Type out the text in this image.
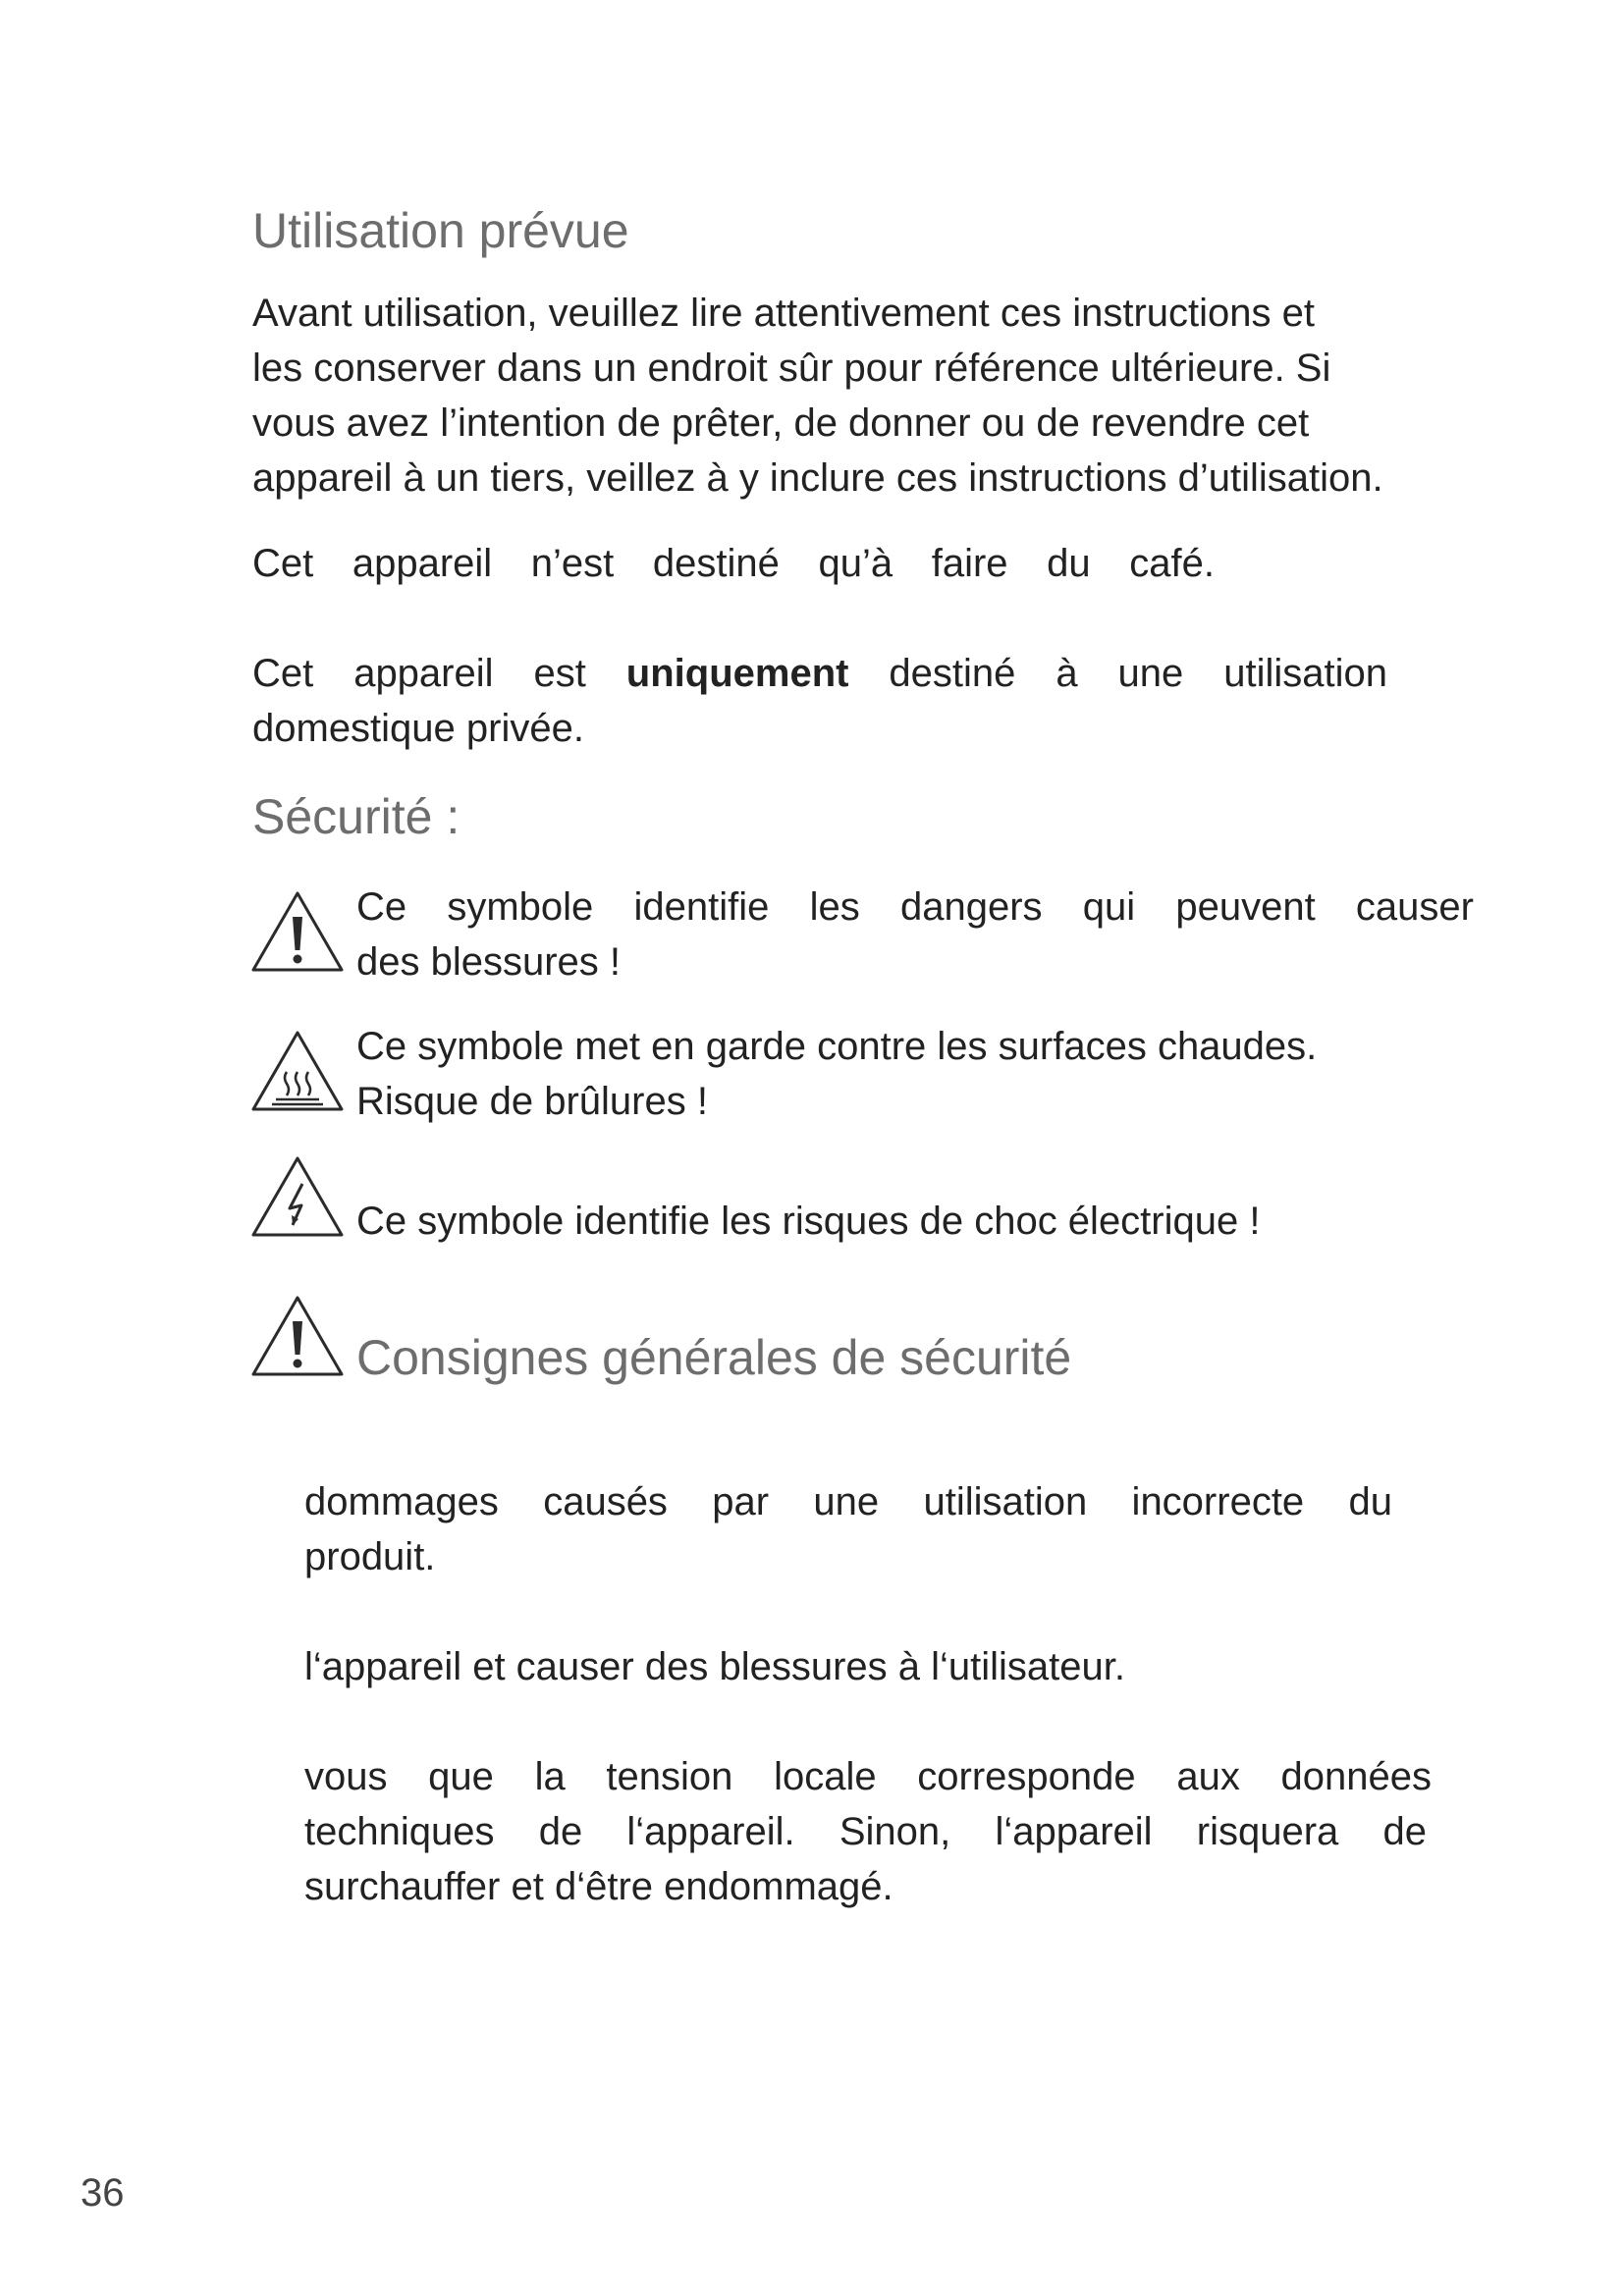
Utilisation prévue

Avant utilisation, veuillez lire attentivement ces instructions et

les conserver dans un endroit sûr pour référence ultérieure. Si

vous avez l’intention de prêter, de donner ou de revendre cet

appareil à un tiers, veillez à y inclure ces instructions d’utilisation.

Cet appareil n’est destiné qu’à faire du café.

Cet appareil est uniquement destiné à une utilisation

domestique privée.

Sécurité :

Ce symbole identifie les dangers qui peuvent causer

des blessures !

Ce symbole met en garde contre les surfaces chaudes.

Risque de brûlures !

Ce symbole identifie les risques de choc électrique !

Consignes générales de sécurité

dommages causés par une utilisation incorrecte du

produit.

l‘appareil et causer des blessures à l‘utilisateur.

vous que la tension locale corresponde aux données

techniques de l‘appareil. Sinon, l‘appareil risquera de

surchauffer et d‘être endommagé.

36
